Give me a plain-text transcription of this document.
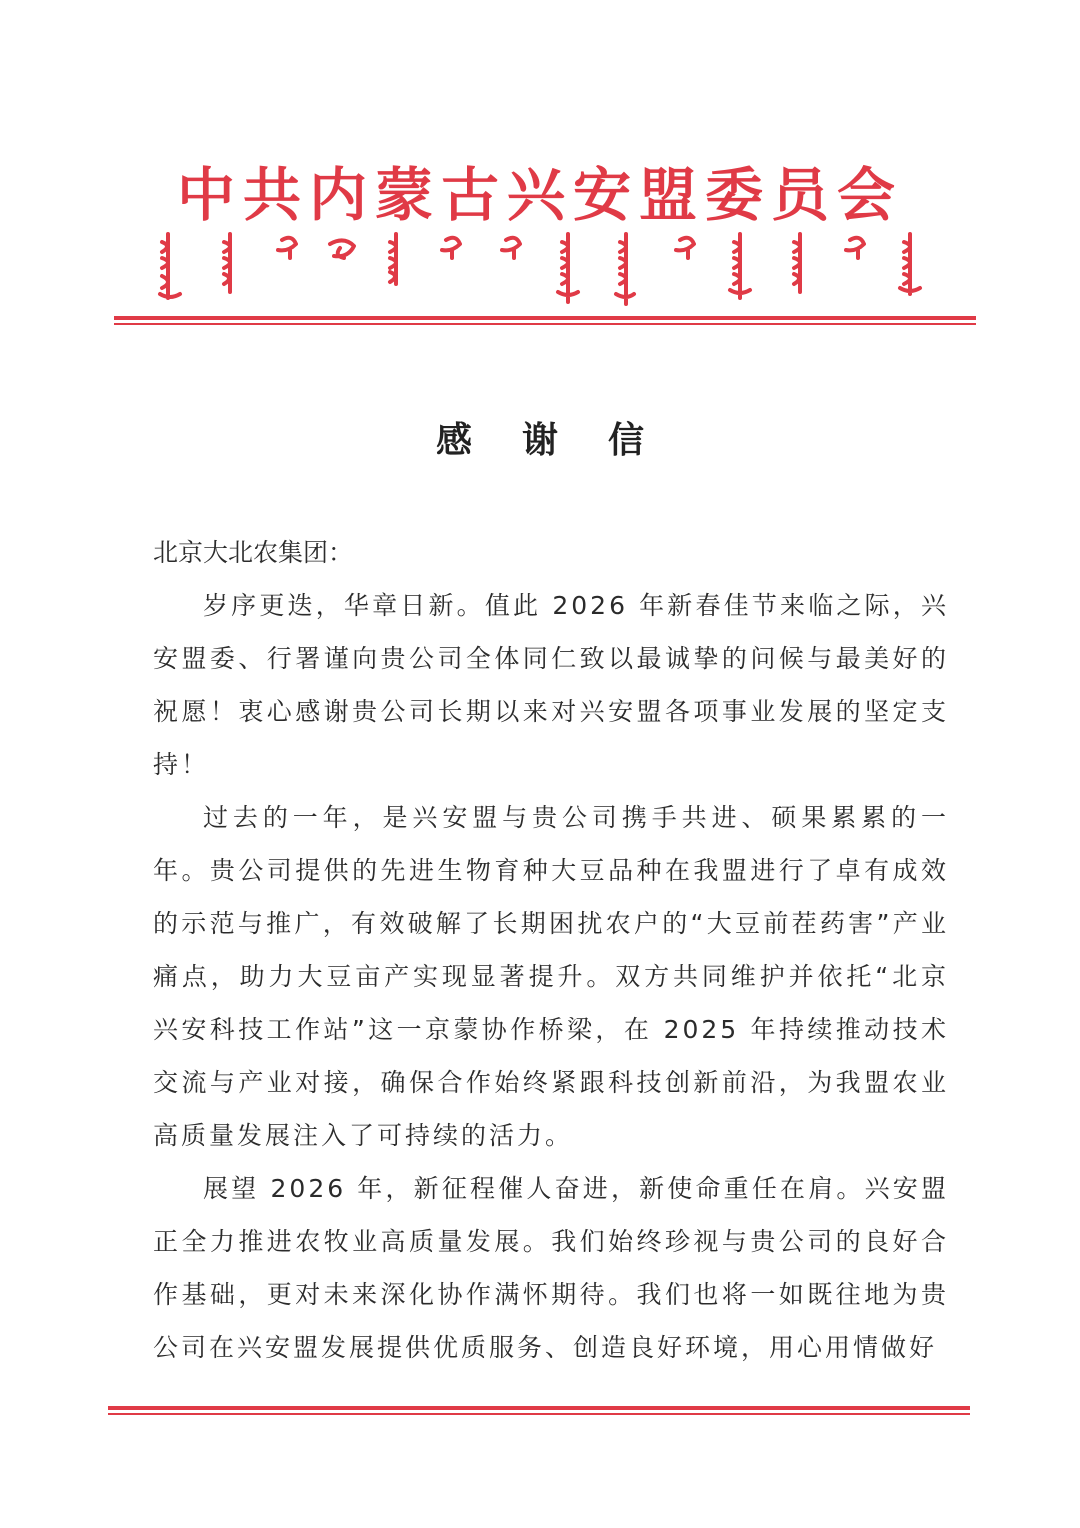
中共内蒙古兴安盟委员会
感谢信

北京大北农集团：

岁序更迭，华章日新。值此 2026 年新春佳节来临之际，兴安盟委、行署谨向贵公司全体同仁致以最诚挚的问候与最美好的祝愿！衷心感谢贵公司长期以来对兴安盟各项事业发展的坚定支持！

过去的一年，是兴安盟与贵公司携手共进、硕果累累的一年。贵公司提供的先进生物育种大豆品种在我盟进行了卓有成效的示范与推广，有效破解了长期困扰农户的“大豆前茬药害”产业痛点，助力大豆亩产实现显著提升。双方共同维护并依托“北京兴安科技工作站”这一京蒙协作桥梁，在 2025 年持续推动技术交流与产业对接，确保合作始终紧跟科技创新前沿，为我盟农业高质量发展注入了可持续的活力。

展望 2026 年，新征程催人奋进，新使命重任在肩。兴安盟正全力推进农牧业高质量发展。我们始终珍视与贵公司的良好合作基础，更对未来深化协作满怀期待。我们也将一如既往地为贵公司在兴安盟发展提供优质服务、创造良好环境，用心用情做好
